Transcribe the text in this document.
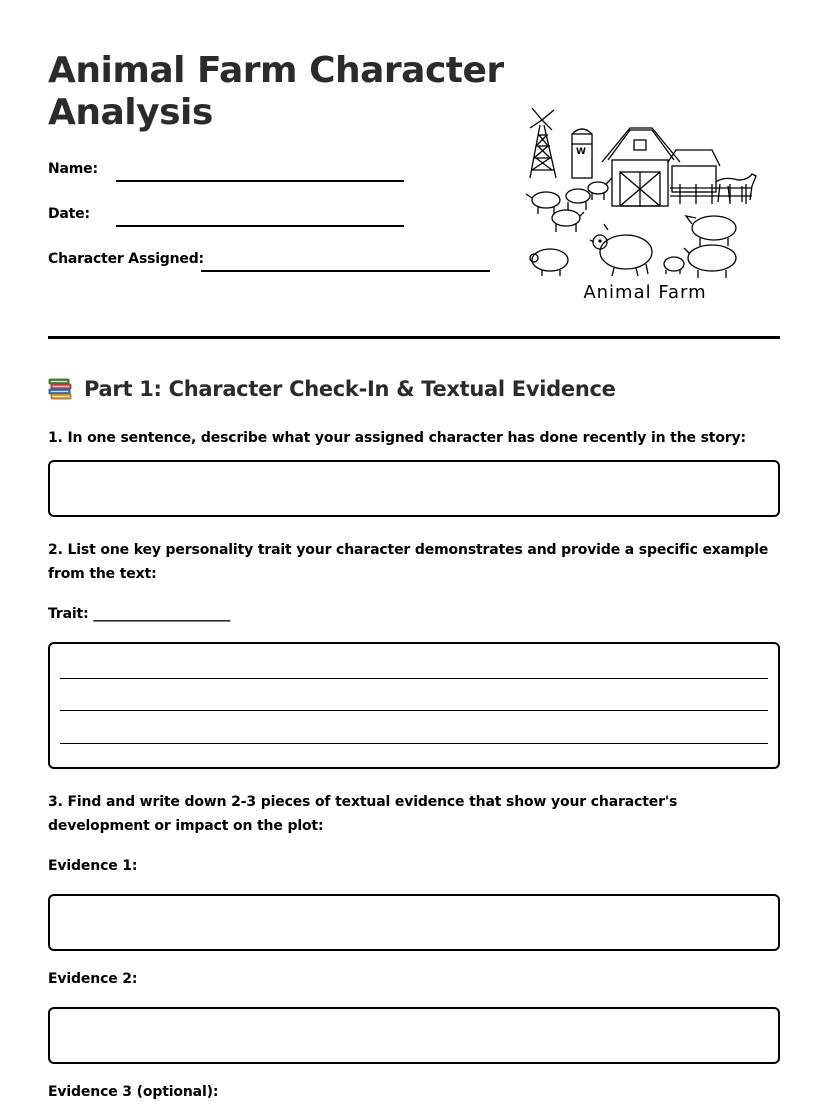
Animal Farm Character Analysis
Name:
Date:
Character Assigned:
W
Animal Farm
Part 1: Character Check-In & Textual Evidence
1. In one sentence, describe what your assigned character has done recently in the story:
2. List one key personality trait your character demonstrates and provide a specific example from the text:
Trait: ____________________
3. Find and write down 2-3 pieces of textual evidence that show your character's development or impact on the plot:
Evidence 1:
Evidence 2:
Evidence 3 (optional):
